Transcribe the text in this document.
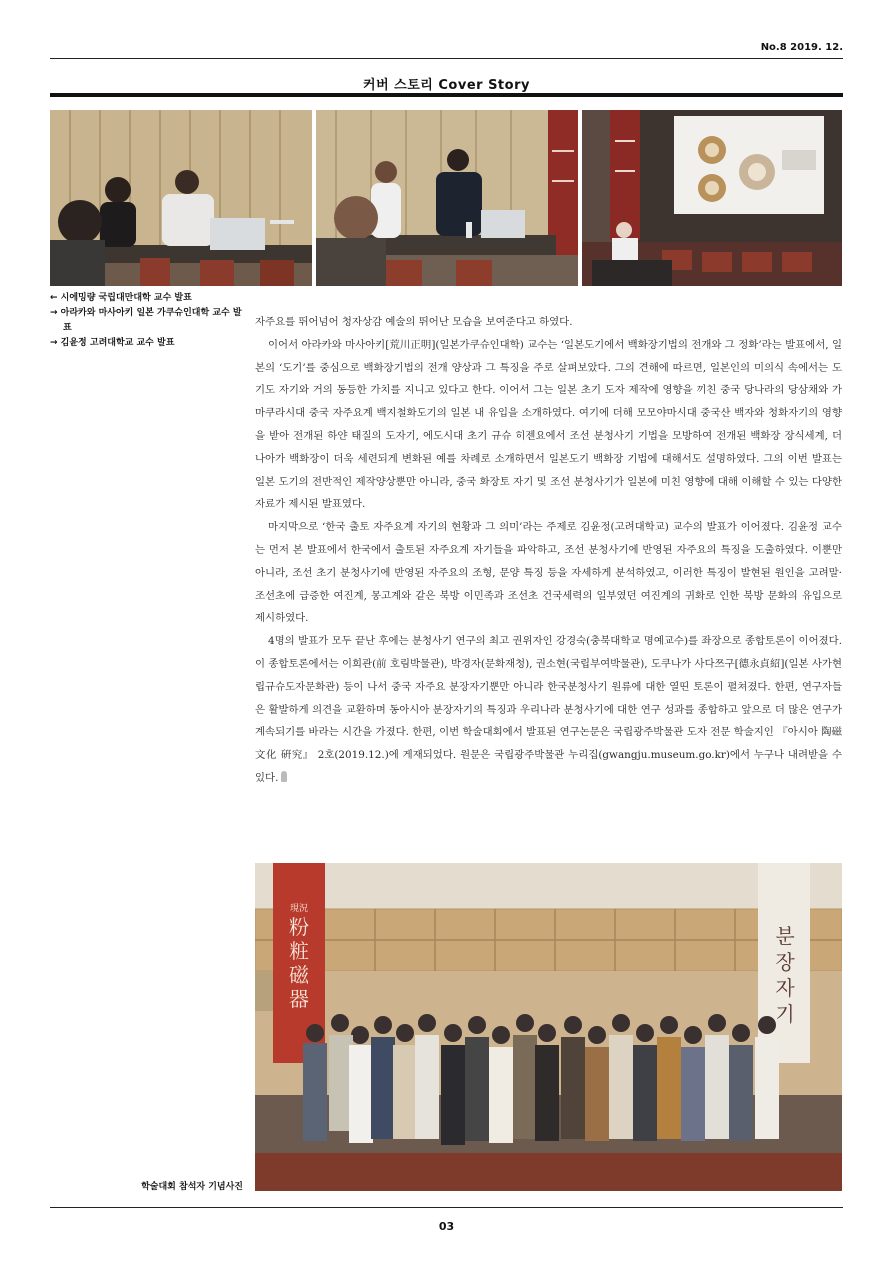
No.8 2019. 12.
커버 스토리 Cover Story

← 시에밍량 국립대만대학 교수 발표

→ 아라카와 마사아키 일본 가쿠슈인대학 교수 발표

→ 김윤정 고려대학교 교수 발표

자주요를 뛰어넘어 청자상감 예술의 뛰어난 모습을 보여준다고 하였다.

이어서 아라카와 마사아키[荒川正明](일본가쿠슈인대학) 교수는 ‘일본도기에서 백화장기법의 전개와 그 정화’라는 발표에서, 일본의 ‘도기’를 중심으로 백화장기법의 전개 양상과 그 특징을 주로 살펴보았다. 그의 견해에 따르면, 일본인의 미의식 속에서는 도기도 자기와 거의 동등한 가치를 지니고 있다고 한다. 이어서 그는 일본 초기 도자 제작에 영향을 끼친 중국 당나라의 당삼채와 가마쿠라시대 중국 자주요계 백지철화도기의 일본 내 유입을 소개하였다. 여기에 더해 모모야마시대 중국산 백자와 청화자기의 영향을 받아 전개된 하얀 태질의 도자기, 에도시대 초기 규슈 히젠요에서 조선 분청사기 기법을 모방하여 전개된 백화장 장식세계, 더 나아가 백화장이 더욱 세련되게 변화된 예를 차례로 소개하면서 일본도기 백화장 기법에 대해서도 설명하였다. 그의 이번 발표는 일본 도기의 전반적인 제작양상뿐만 아니라, 중국 화장토 자기 및 조선 분청사기가 일본에 미친 영향에 대해 이해할 수 있는 다양한 자료가 제시된 발표였다.

마지막으로 ‘한국 출토 자주요계 자기의 현황과 그 의미’라는 주제로 김윤정(고려대학교) 교수의 발표가 이어졌다. 김윤정 교수는 먼저 본 발표에서 한국에서 출토된 자주요계 자기들을 파악하고, 조선 분청사기에 반영된 자주요의 특징을 도출하였다. 이뿐만 아니라, 조선 초기 분청사기에 반영된 자주요의 조형, 문양 특징 등을 자세하게 분석하였고, 이러한 특징이 발현된 원인을 고려말·조선초에 급증한 여진계, 몽고계와 같은 북방 이민족과 조선초 건국세력의 일부였던 여진계의 귀화로 인한 북방 문화의 유입으로 제시하였다.

4명의 발표가 모두 끝난 후에는 분청사기 연구의 최고 권위자인 강경숙(충북대학교 명예교수)를 좌장으로 종합토론이 이어졌다. 이 종합토론에서는 이희관(前 호림박물관), 박경자(문화재청), 권소현(국립부여박물관), 도쿠나가 사다쯔구[德永貞紹](일본 사가현립규슈도자문화관) 등이 나서 중국 자주요 분장자기뿐만 아니라 한국분청사기 원류에 대한 열띤 토론이 펼쳐졌다. 한편, 연구자들은 활발하게 의견을 교환하며 동아시아 분장자기의 특징과 우리나라 분청사기에 대한 연구 성과를 종합하고 앞으로 더 많은 연구가 계속되기를 바라는 시간을 가졌다. 한편, 이번 학술대회에서 발표된 연구논문은 국립광주박물관 도자 전문 학술지인 『아시아 陶磁文化 硏究』 2호(2019.12.)에 게재되었다. 원문은 국립광주박물관 누리집(gwangju.museum.go.kr)에서 누구나 내려받을 수 있다.

現況
粉
粧
磁
器
분장자기
학술대회 참석자 기념사진
03
